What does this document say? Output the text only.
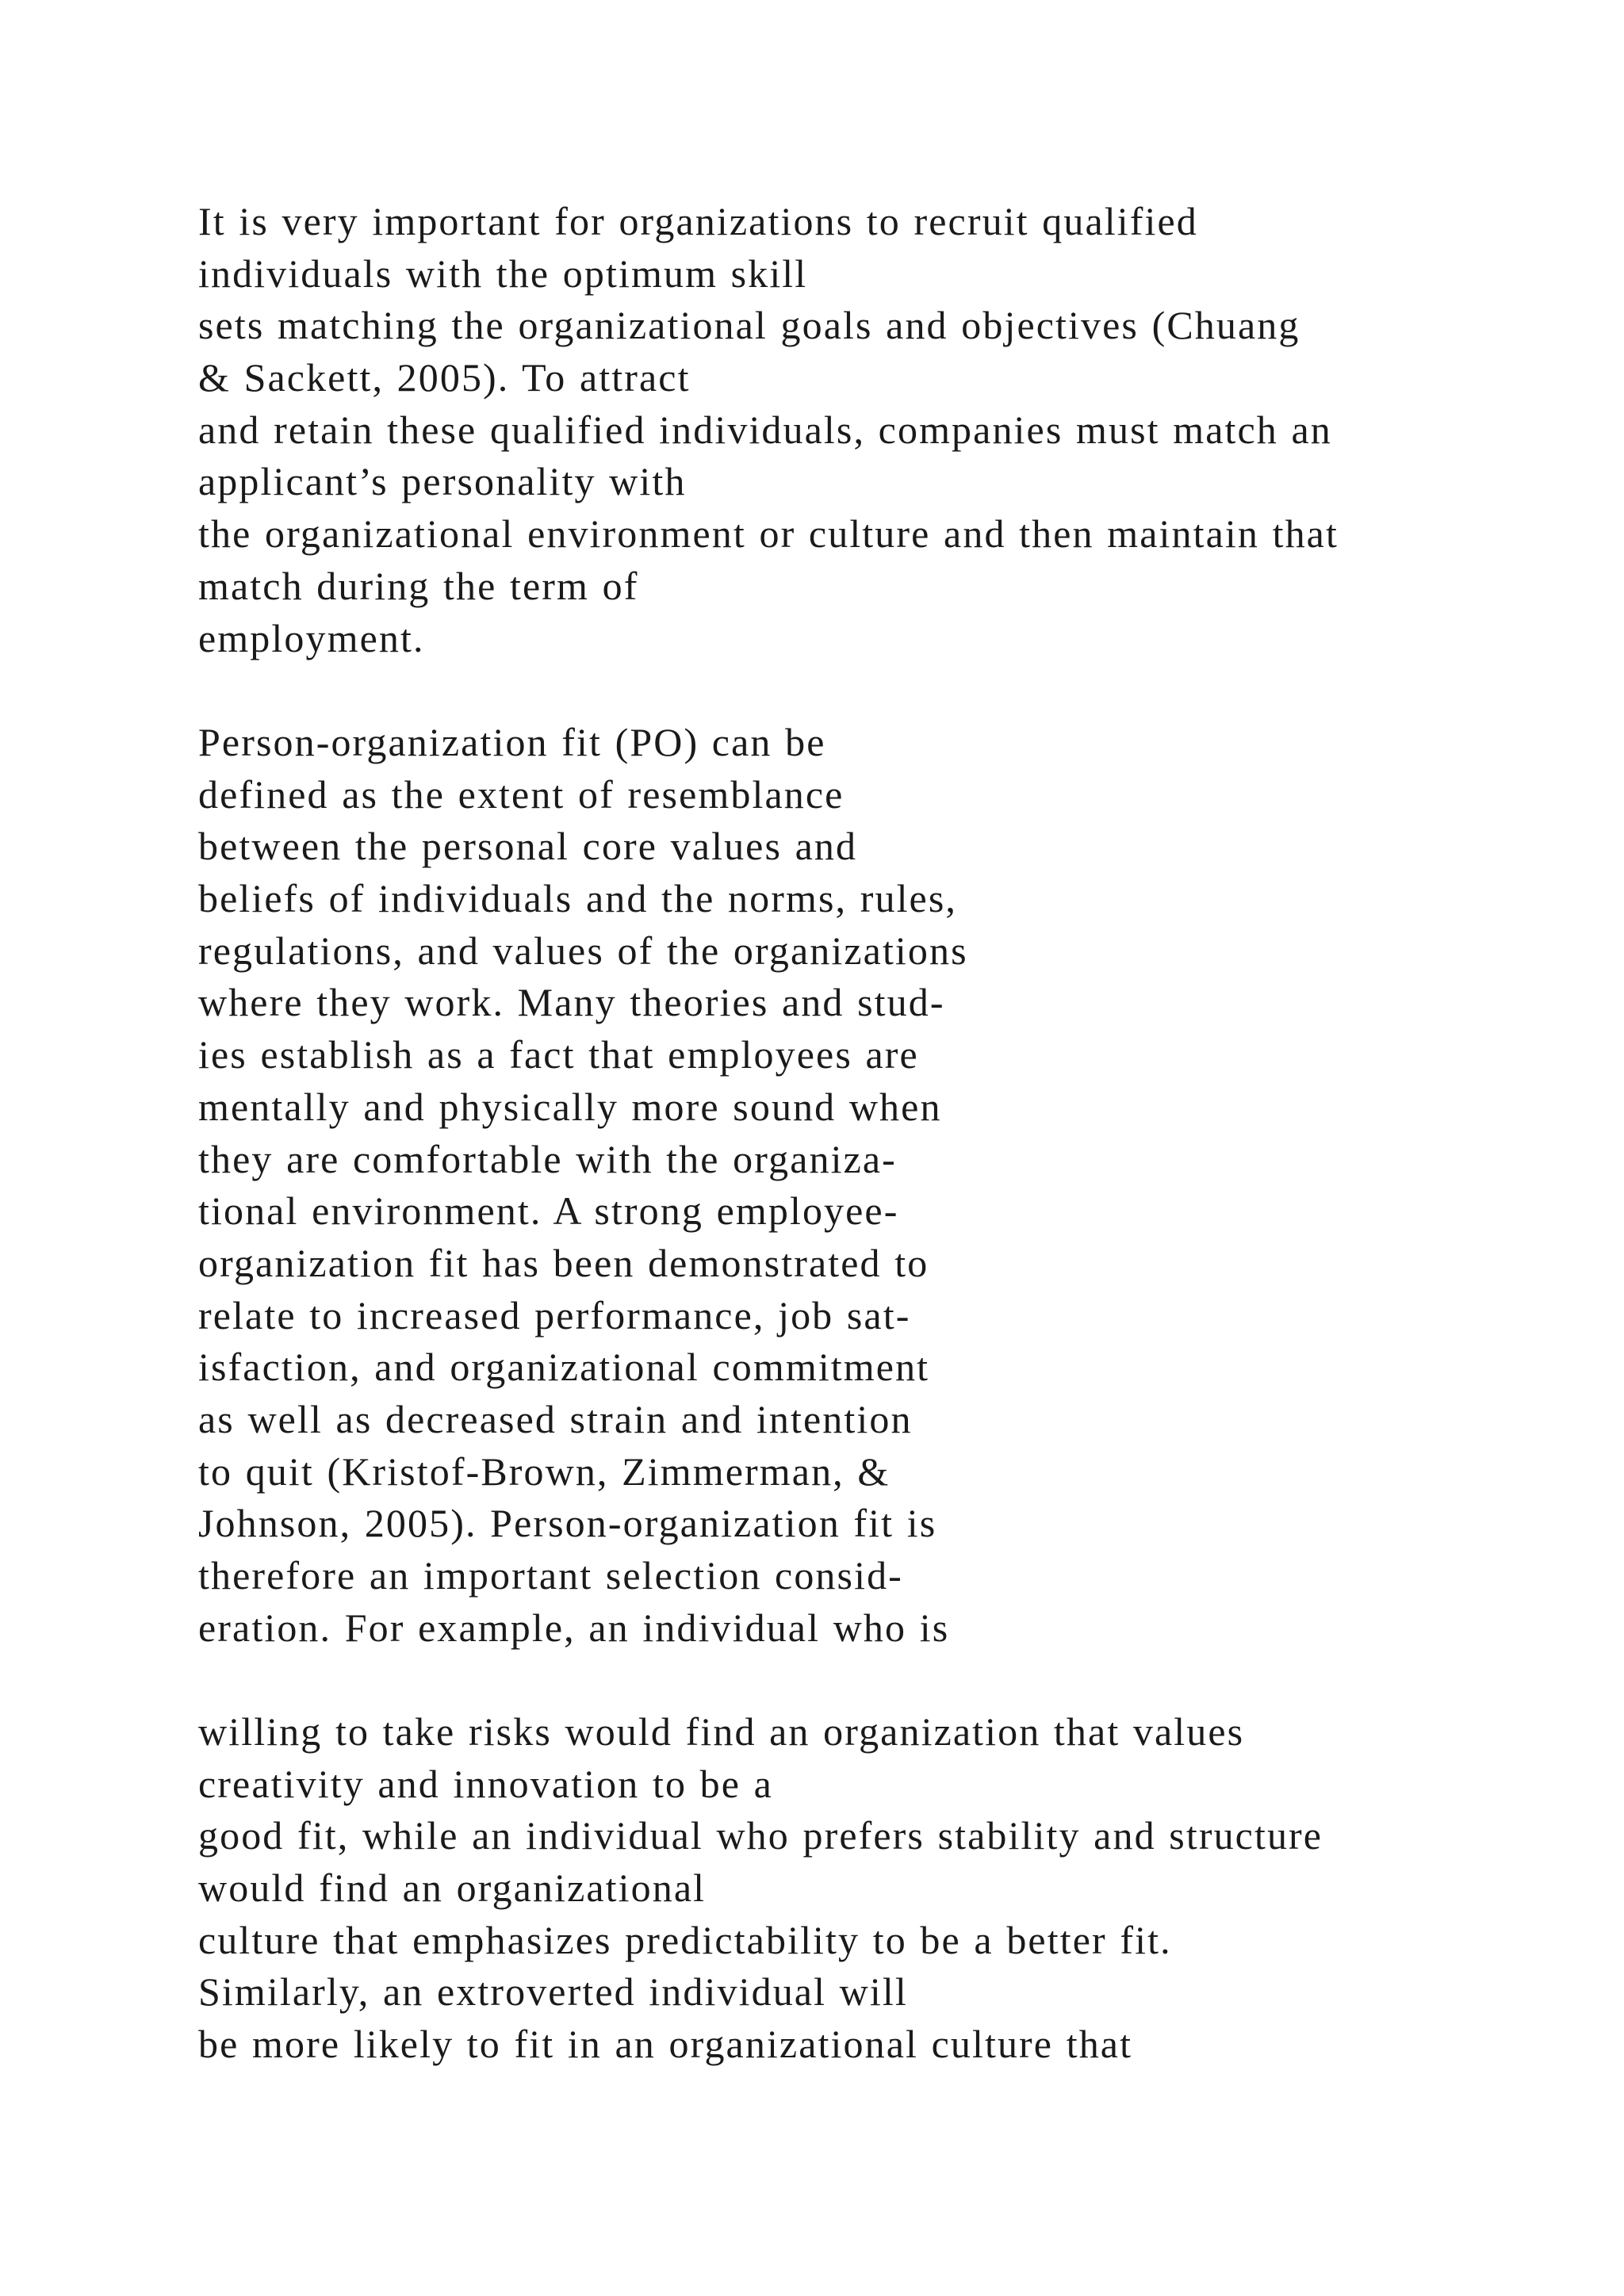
It is very important for organizations to recruit qualified
individuals with the optimum skill
sets matching the organizational goals and objectives (Chuang
& Sackett, 2005). To attract
and retain these qualified individuals, companies must match an
applicant’s personality with
the organizational environment or culture and then maintain that
match during the term of
employment.
Person-organization fit (PO) can be
defined as the extent of resemblance
between the personal core values and
beliefs of individuals and the norms, rules,
regulations, and values of the organizations
where they work. Many theories and stud-
ies establish as a fact that employees are
mentally and physically more sound when
they are comfortable with the organiza-
tional environment. A strong employee-
organization fit has been demonstrated to
relate to increased performance, job sat-
isfaction, and organizational commitment
as well as decreased strain and intention
to quit (Kristof-Brown, Zimmerman, &
Johnson, 2005). Person-organization fit is
therefore an important selection consid-
eration. For example, an individual who is
willing to take risks would find an organization that values
creativity and innovation to be a
good fit, while an individual who prefers stability and structure
would find an organizational
culture that emphasizes predictability to be a better fit.
Similarly, an extroverted individual will
be more likely to fit in an organizational culture that
